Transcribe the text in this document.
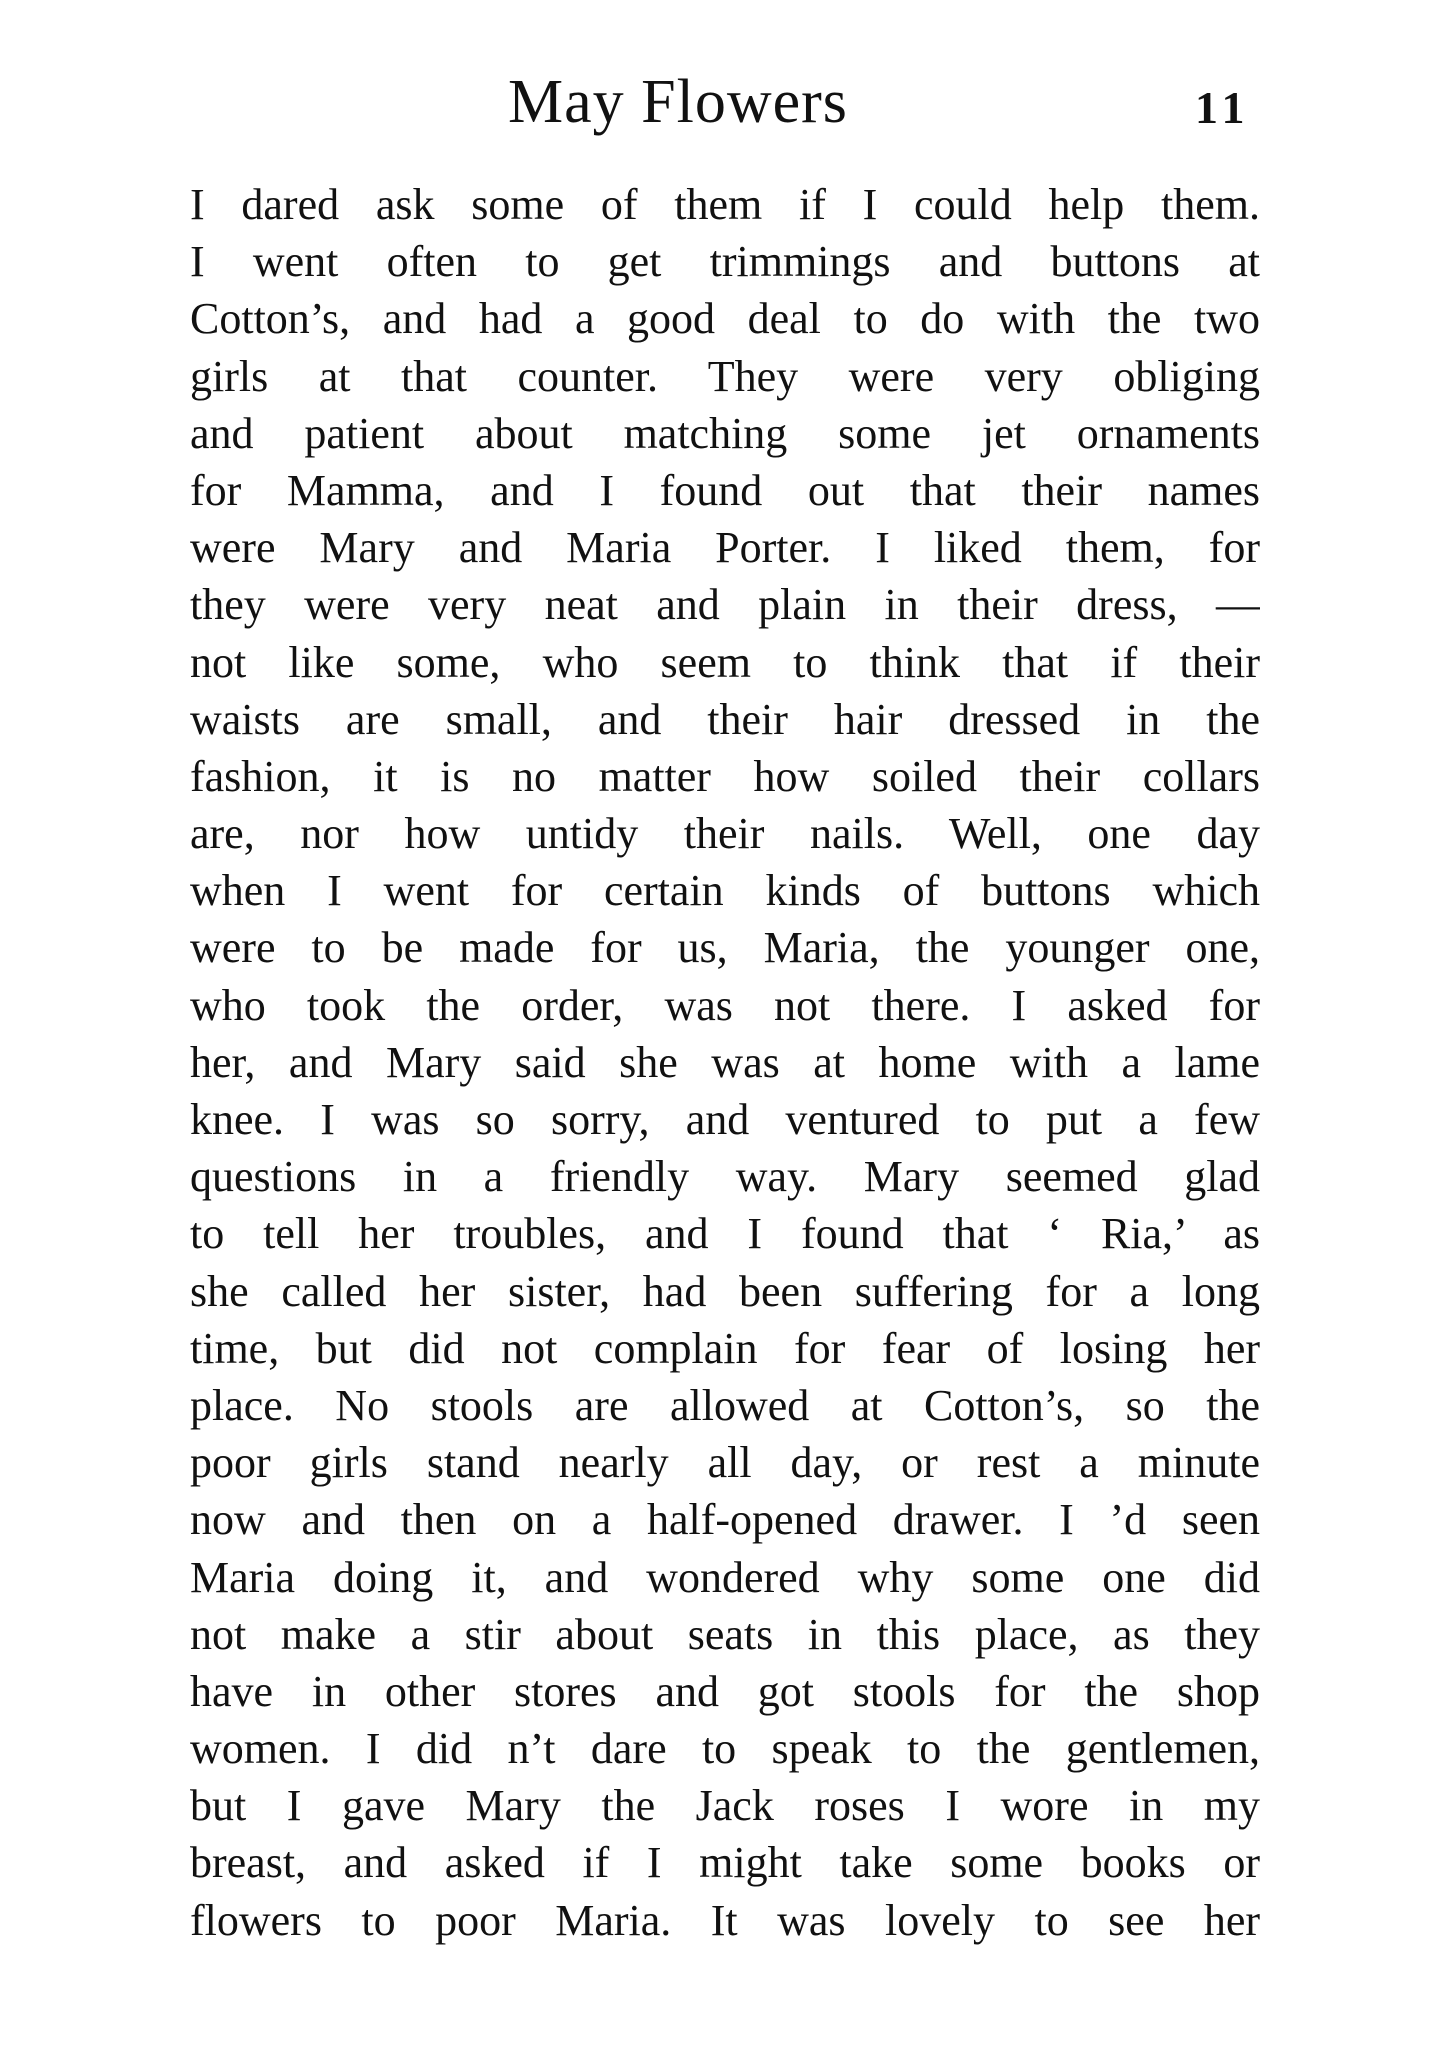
May Flowers	11
I dared ask some of them if I could help them.
I went often to get trimmings and buttons at
Cotton’s, and had a good deal to do with the two
girls at that counter. They were very obliging
and patient about matching some jet ornaments
for Mamma, and I found out that their names
were Mary and Maria Porter. I liked them, for
they were very neat and plain in their dress, —
not like some, who seem to think that if their
waists are small, and their hair dressed in the
fashion, it is no matter how soiled their collars
are, nor how untidy their nails. Well, one day
when I went for certain kinds of buttons which
were to be made for us, Maria, the younger one,
who took the order, was not there. I asked for
her, and Mary said she was at home with a lame
knee. I was so sorry, and ventured to put a few
questions in a friendly way. Mary seemed glad
to tell her troubles, and I found that ‘ Ria,’ as
she called her sister, had been suffering for a long
time, but did not complain for fear of losing her
place. No stools are allowed at Cotton’s, so the
poor girls stand nearly all day, or rest a minute
now and then on a half-opened drawer. I ’d seen
Maria doing it, and wondered why some one did
not make a stir about seats in this place, as they
have in other stores and got stools for the shop
women. I did n’t dare to speak to the gentlemen,
but I gave Mary the Jack roses I wore in my
breast, and asked if I might take some books or
flowers to poor Maria. It was lovely to see her
